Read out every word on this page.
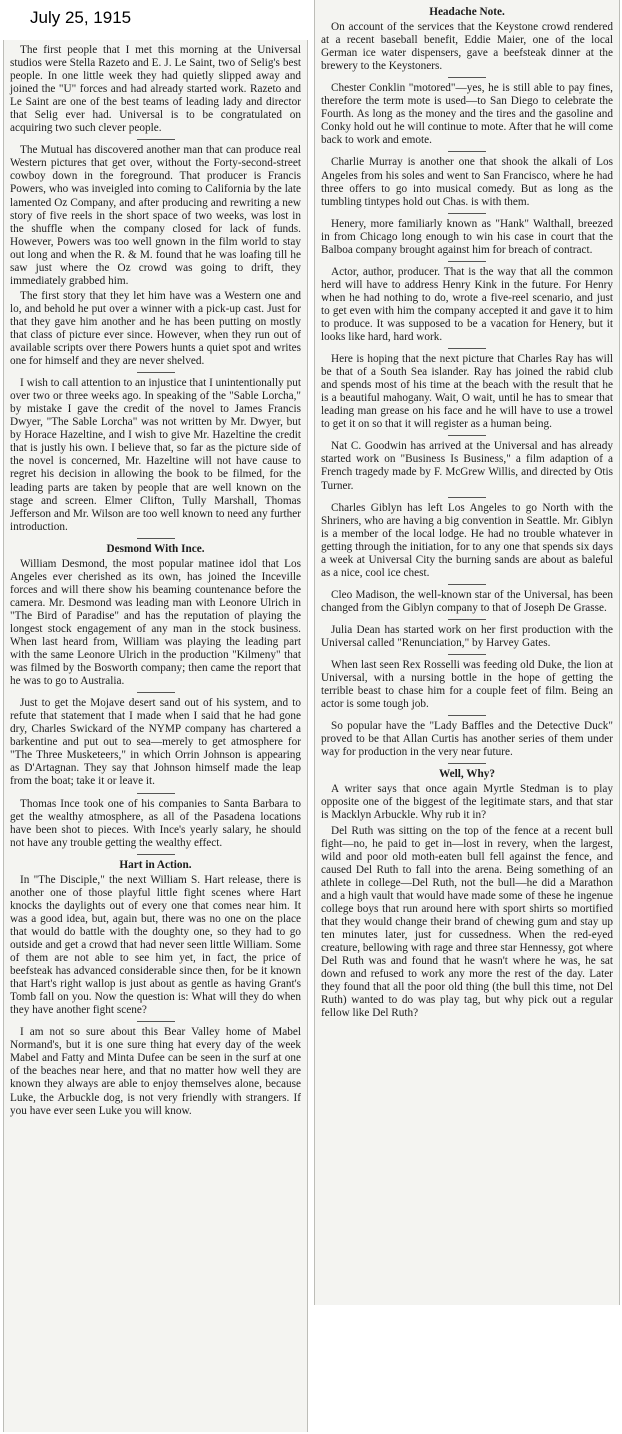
July 25, 1915

The first people that I met this morning at the Universal studios were Stella Razeto and E. J. Le Saint, two of Selig's best people. In one little week they had quietly slipped away and joined the "U" forces and had already started work. Razeto and Le Saint are one of the best teams of leading lady and director that Selig ever had. Universal is to be congratulated on acquiring two such clever people.

The Mutual has discovered another man that can produce real Western pictures that get over, without the Forty-second-street cowboy down in the foreground. That producer is Francis Powers, who was inveigled into coming to California by the late lamented Oz Company, and after producing and rewriting a new story of five reels in the short space of two weeks, was lost in the shuffle when the company closed for lack of funds. However, Powers was too well gnown in the film world to stay out long and when the R. & M. found that he was loafing till he saw just where the Oz crowd was going to drift, they immediately grabbed him.

The first story that they let him have was a Western one and lo, and behold he put over a winner with a pick-up cast. Just for that they gave him another and he has been putting on mostly that class of picture ever since. However, when they run out of available scripts over there Powers hunts a quiet spot and writes one for himself and they are never shelved.

I wish to call attention to an injustice that I unintentionally put over two or three weeks ago. In speaking of the "Sable Lorcha," by mistake I gave the credit of the novel to James Francis Dwyer, "The Sable Lorcha" was not written by Mr. Dwyer, but by Horace Hazeltine, and I wish to give Mr. Hazeltine the credit that is justly his own. I believe that, so far as the picture side of the novel is concerned, Mr. Hazeltine will not have cause to regret his decision in allowing the book to be filmed, for the leading parts are taken by people that are well known on the stage and screen. Elmer Clifton, Tully Marshall, Thomas Jefferson and Mr. Wilson are too well known to need any further introduction.

Desmond With Ince.

William Desmond, the most popular matinee idol that Los Angeles ever cherished as its own, has joined the Inceville forces and will there show his beaming countenance before the camera. Mr. Desmond was leading man with Leonore Ulrich in "The Bird of Paradise" and has the reputation of playing the longest stock engagement of any man in the stock business. When last heard from, William was playing the leading part with the same Leonore Ulrich in the production "Kilmeny" that was filmed by the Bosworth company; then came the report that he was to go to Australia.

Just to get the Mojave desert sand out of his system, and to refute that statement that I made when I said that he had gone dry, Charles Swickard of the NYMP company has chartered a barkentine and put out to sea—merely to get atmosphere for "The Three Musketeers," in which Orrin Johnson is appearing as D'Artagnan. They say that Johnson himself made the leap from the boat; take it or leave it.

Thomas Ince took one of his companies to Santa Barbara to get the wealthy atmosphere, as all of the Pasadena locations have been shot to pieces. With Ince's yearly salary, he should not have any trouble getting the wealthy effect.

Hart in Action.

In "The Disciple," the next William S. Hart release, there is another one of those playful little fight scenes where Hart knocks the daylights out of every one that comes near him. It was a good idea, but, again but, there was no one on the place that would do battle with the doughty one, so they had to go outside and get a crowd that had never seen little William. Some of them are not able to see him yet, in fact, the price of beefsteak has advanced considerable since then, for be it known that Hart's right wallop is just about as gentle as having Grant's Tomb fall on you. Now the question is: What will they do when they have another fight scene?

I am not so sure about this Bear Valley home of Mabel Normand's, but it is one sure thing hat every day of the week Mabel and Fatty and Minta Dufee can be seen in the surf at one of the beaches near here, and that no matter how well they are known they always are able to enjoy themselves alone, because Luke, the Arbuckle dog, is not very friendly with strangers. If you have ever seen Luke you will know.

Headache Note.

On account of the services that the Keystone crowd rendered at a recent baseball benefit, Eddie Maier, one of the local German ice water dispensers, gave a beefsteak dinner at the brewery to the Keystoners.

Chester Conklin "motored"—yes, he is still able to pay fines, therefore the term mote is used—to San Diego to celebrate the Fourth. As long as the money and the tires and the gasoline and Conky hold out he will continue to mote. After that he will come back to work and emote.

Charlie Murray is another one that shook the alkali of Los Angeles from his soles and went to San Francisco, where he had three offers to go into musical comedy. But as long as the tumbling tintypes hold out Chas. is with them.

Henery, more familiarly known as "Hank" Walthall, breezed in from Chicago long enough to win his case in court that the Balboa company brought against him for breach of contract.

Actor, author, producer. That is the way that all the common herd will have to address Henry Kink in the future. For Henry when he had nothing to do, wrote a five-reel scenario, and just to get even with him the company accepted it and gave it to him to produce. It was supposed to be a vacation for Henery, but it looks like hard, hard work.

Here is hoping that the next picture that Charles Ray has will be that of a South Sea islander. Ray has joined the rabid club and spends most of his time at the beach with the result that he is a beautiful mahogany. Wait, O wait, until he has to smear that leading man grease on his face and he will have to use a trowel to get it on so that it will register as a human being.

Nat C. Goodwin has arrived at the Universal and has already started work on "Business Is Business," a film adaption of a French tragedy made by F. McGrew Willis, and directed by Otis Turner.

Charles Giblyn has left Los Angeles to go North with the Shriners, who are having a big convention in Seattle. Mr. Giblyn is a member of the local lodge. He had no trouble whatever in getting through the initiation, for to any one that spends six days a week at Universal City the burning sands are about as baleful as a nice, cool ice chest.

Cleo Madison, the well-known star of the Universal, has been changed from the Giblyn company to that of Joseph De Grasse.

Julia Dean has started work on her first production with the Universal called "Renunciation," by Harvey Gates.

When last seen Rex Rosselli was feeding old Duke, the lion at Universal, with a nursing bottle in the hope of getting the terrible beast to chase him for a couple feet of film. Being an actor is some tough job.

So popular have the "Lady Baffles and the Detective Duck" proved to be that Allan Curtis has another series of them under way for production in the very near future.

Well, Why?

A writer says that once again Myrtle Stedman is to play opposite one of the biggest of the legitimate stars, and that star is Macklyn Arbuckle. Why rub it in?

Del Ruth was sitting on the top of the fence at a recent bull fight—no, he paid to get in—lost in revery, when the largest, wild and poor old moth-eaten bull fell against the fence, and caused Del Ruth to fall into the arena. Being something of an athlete in college—Del Ruth, not the bull—he did a Marathon and a high vault that would have made some of these he ingenue college boys that run around here with sport shirts so mortified that they would change their brand of chewing gum and stay up ten minutes later, just for cussedness. When the red-eyed creature, bellowing with rage and three star Hennessy, got where Del Ruth was and found that he wasn't where he was, he sat down and refused to work any more the rest of the day. Later they found that all the poor old thing (the bull this time, not Del Ruth) wanted to do was play tag, but why pick out a regular fellow like Del Ruth?
